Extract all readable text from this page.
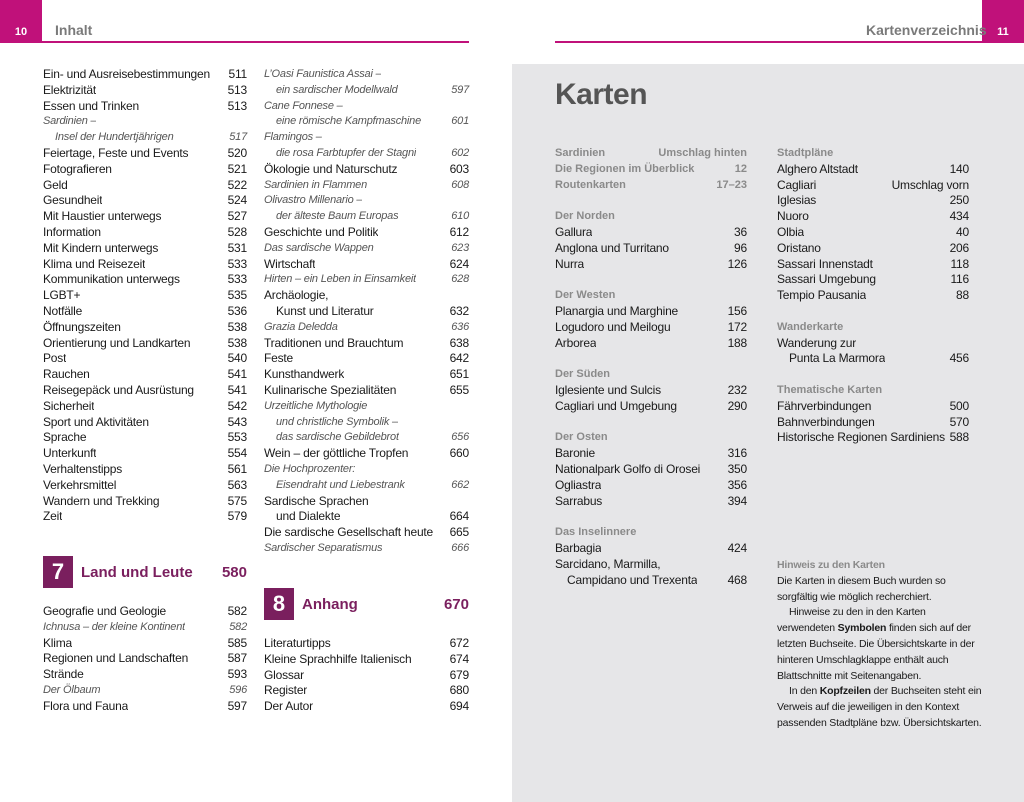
10	Inhalt
Ein- und Ausreisebestimmungen 511
Elektrizität	513
Essen und Trinken	513
Sardinien –
Insel der Hundertjährigen	517
Feiertage, Feste und Events	520
Fotografieren	521
Geld	522
Gesundheit	524
Mit Haustier unterwegs	527
Information	528
Mit Kindern unterwegs	531
Klima und Reisezeit	533
Kommunikation unterwegs	533
LGBT+	535
Notfälle	536
Öffnungszeiten	538
Orientierung und Landkarten	538
Post	540
Rauchen	541
Reisegepäck und Ausrüstung	541
Sicherheit	542
Sport und Aktivitäten	543
Sprache	553
Unterkunft	554
Verhaltenstipps	561
Verkehrsmittel	563
Wandern und Trekking	575
Zeit	579
7	Land und Leute	580
Geografie und Geologie	582
Ichnusa – der kleine Kontinent	582
Klima	585
Regionen und Landschaften	587
Strände	593
Der Ölbaum	596
Flora und Fauna	597
L’Oasi Faunistica Assai –
ein sardischer Modellwald	597
Cane Fonnese –
eine römische Kampfmaschine	601
Flamingos –
die rosa Farbtupfer der Stagni	602
Ökologie und Naturschutz	603
Sardinien in Flammen	608
Olivastro Millenario –
der älteste Baum Europas	610
Geschichte und Politik	612
Das sardische Wappen	623
Wirtschaft	624
Hirten – ein Leben in Einsamkeit	628
Archäologie,
Kunst und Literatur	632
Grazia Deledda	636
Traditionen und Brauchtum	638
Feste	642
Kunsthandwerk	651
Kulinarische Spezialitäten	655
Urzeitliche Mythologie
und christliche Symbolik –
das sardische Gebildebrot	656
Wein – der göttliche Tropfen	660
Die Hochprozenter:
Eisendraht und Liebestrank	662
Sardische Sprachen
und Dialekte	664
Die sardische Gesellschaft heute 665
Sardischer Separatismus	666
8	Anhang	670
Literaturtipps	672
Kleine Sprachhilfe Italienisch	674
Glossar	679
Register	680
Der Autor	694
11
Kartenverzeichnis
Karten
Sardinien	Umschlag hinten
Die Regionen im Überblick	12
Routenkarten	17–23
Der Norden
Gallura	36
Anglona und Turritano	96
Nurra	126
Der Westen
Planargia und Marghine	156
Logudoro und Meilogu	172
Arborea	188
Der Süden
Iglesiente und Sulcis	232
Cagliari und Umgebung	290
Der Osten
Baronie	316
Nationalpark Golfo di Orosei 350
Ogliastra	356
Sarrabus	394
Das Inselinnere
Barbagia	424
Sarcidano, Marmilla,
Campidano und Trexenta	468
Stadtpläne
Alghero Altstadt	140
Cagliari	Umschlag vorn
Iglesias	250
Nuoro	434
Olbia	40
Oristano	206
Sassari Innenstadt	118
Sassari Umgebung	116
Tempio Pausania	88
Wanderkarte
Wanderung zur
Punta La Marmora	456
Thematische Karten
Fährverbindungen	500
Bahnverbindungen	570
Historische Regionen Sardiniens 588

Hinweis zu den Karten

Die Karten in diesem Buch wurden so sorgfältig wie möglich recherchiert.

Hinweise zu den in den Karten verwendeten Symbolen finden sich auf der letzten Buchseite. Die Übersichtskarte in der hinteren Umschlagklappe enthält auch Blattschnitte mit Seitenangaben.

In den Kopfzeilen der Buchseiten steht ein Verweis auf die jeweiligen in den Kontext passenden Stadtpläne bzw. Übersichtskarten.
